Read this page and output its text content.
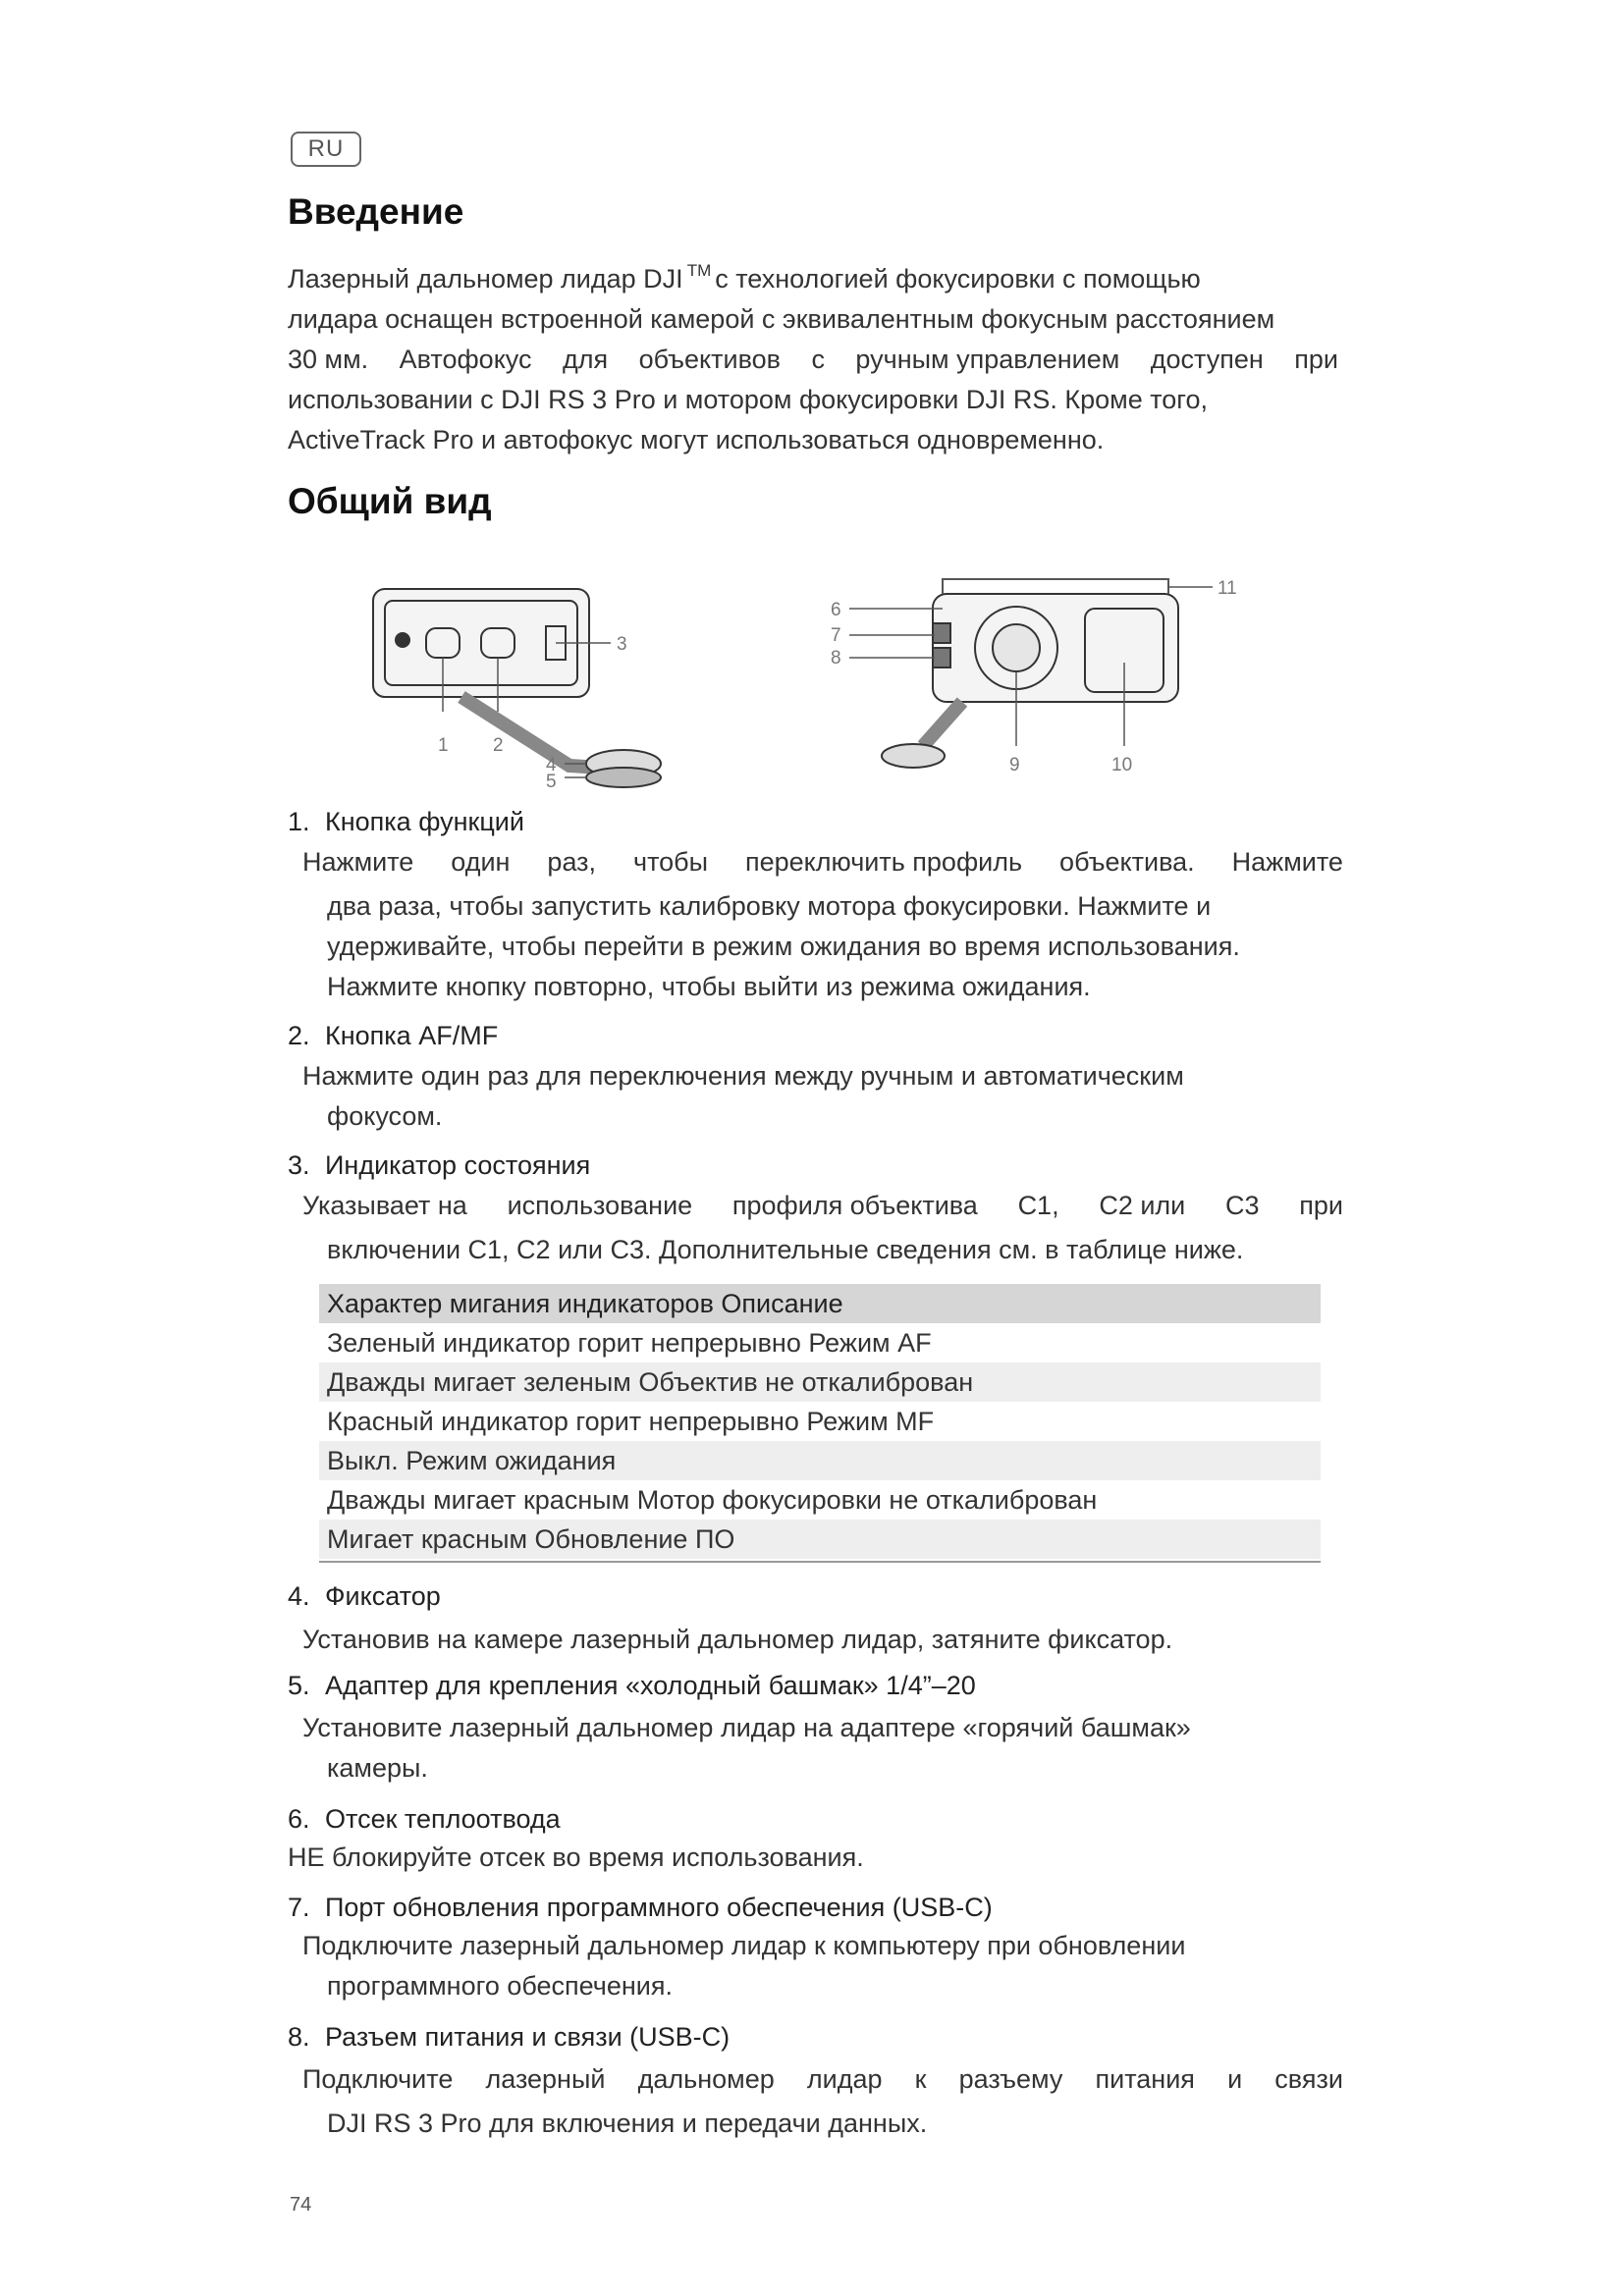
RU
Введение
Лазерный дальномер лидар DJI ™ с технологией фокусировки с помощью
лидара оснащен встроенной камерой с эквивалентным фокусным расстоянием
30 мм. Автофокус для объективов с ручным управлением доступен при
использовании с DJI RS 3 Pro и мотором фокусировки DJI RS. Кроме того,
ActiveTrack Pro и автофокус могут использоваться одновременно.
Общий вид
1 2
3
4
5
6
7
8
9	10
11
1. Кнопка функций
Нажмите один раз, чтобы переключить профиль объектива. Нажмите
два раза, чтобы запустить калибровку мотора фокусировки. Нажмите и
удерживайте, чтобы перейти в режим ожидания во время использования.
Нажмите кнопку повторно, чтобы выйти из режима ожидания.
2. Кнопка AF/MF
Нажмите один раз для переключения между ручным и автоматическим
фокусом.
3. Индикатор состояния
Указывает на использование профиля объектива C1, C2 или C3 при
включении C1, C2 или C3. Дополнительные сведения см. в таблице ниже.
Характер мигания индикаторов Описание
Зеленый индикатор горит непрерывно Режим AF
Дважды мигает зеленым Объектив не откалиброван
Красный индикатор горит непрерывно Режим MF
Выкл. Режим ожидания
Дважды мигает красным Мотор фокусировки не откалиброван
Мигает красным Обновление ПО
4. Фиксатор
Установив на камере лазерный дальномер лидар, затяните фиксатор.
5. Адаптер для крепления «холодный башмак» 1/4”–20
Установите лазерный дальномер лидар на адаптере «горячий башмак»
камеры.
6. Отсек теплоотвода
НЕ блокируйте отсек во время использования.
7. Порт обновления программного обеспечения (USB-C)
Подключите лазерный дальномер лидар к компьютеру при обновлении
программного обеспечения.
8. Разъем питания и связи (USB-C)
Подключите лазерный дальномер лидар к разъему питания и связи
DJI RS 3 Pro для включения и передачи данных.
74
